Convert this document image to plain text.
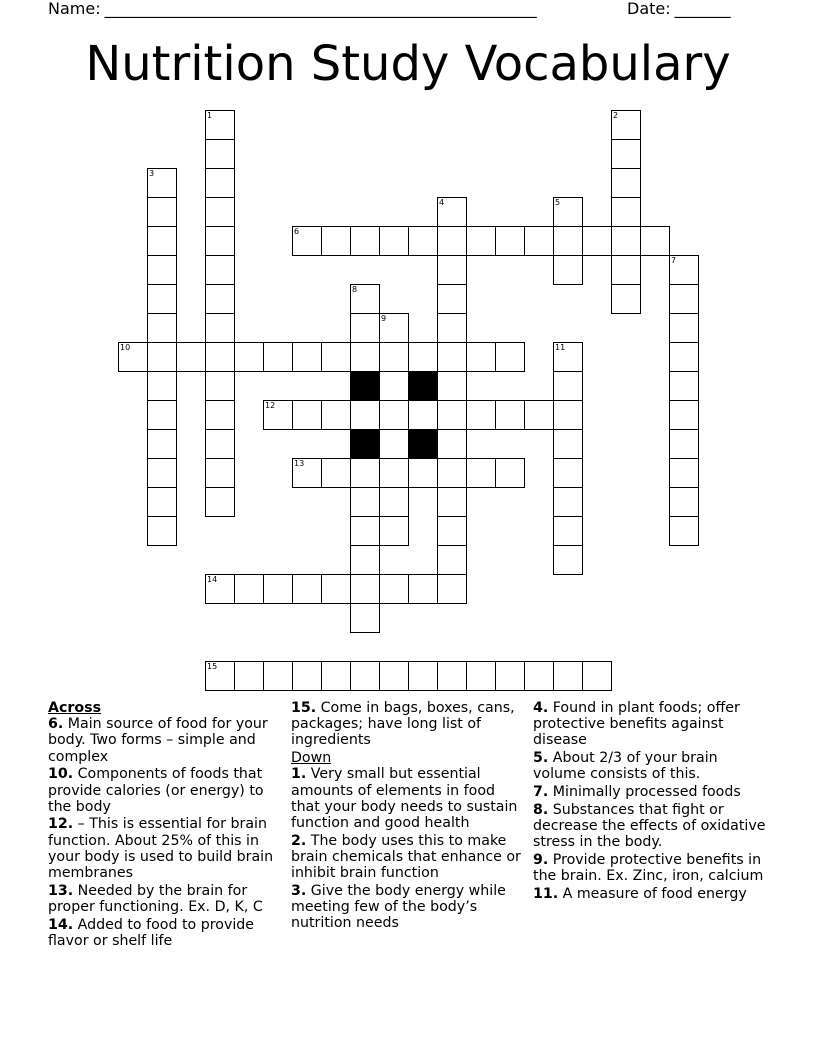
Name: ______________________________________________________	Date: _______
Nutrition Study Vocabulary
1	2
3
4	5
6
7
8
9
10	11
12
13
14
15
Across
6. Main source of food for your body. Two forms – simple and complex
10. Components of foods that provide calories (or energy) to the body
12. – This is essential for brain function. About 25% of this in your body is used to build brain membranes
13. Needed by the brain for proper functioning. Ex. D, K, C
14. Added to food to provide flavor or shelf life
15. Come in bags, boxes, cans, packages; have long list of ingredients
Down
1. Very small but essential amounts of elements in food that your body needs to sustain function and good health
2. The body uses this to make brain chemicals that enhance or inhibit brain function
3. Give the body energy while meeting few of the body’s nutrition needs
4. Found in plant foods; offer protective benefits against disease
5. About 2/3 of your brain volume consists of this.
7. Minimally processed foods
8. Substances that fight or decrease the effects of oxidative stress in the body.
9. Provide protective benefits in the brain. Ex. Zinc, iron, calcium
11. A measure of food energy
